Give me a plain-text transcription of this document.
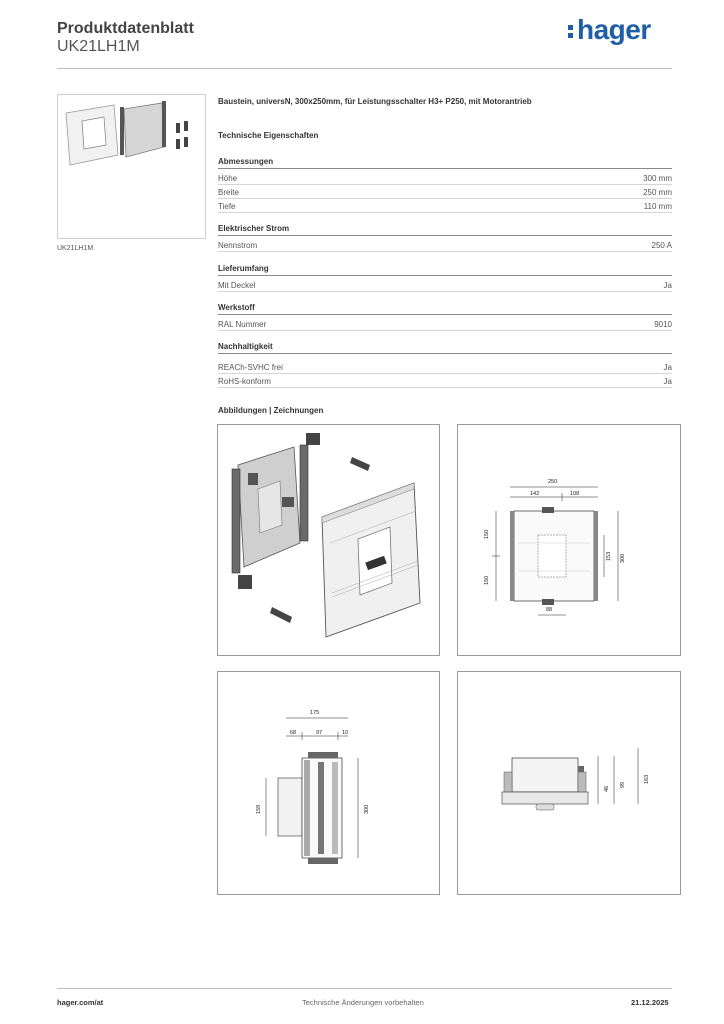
Produktdatenblatt
UK21LH1M
hager
UK21LH1M
Baustein, universN, 300x250mm, für Leistungsschalter H3+ P250, mit Motorantrieb
Technische Eigenschaften
Abmessungen
Höhe	300 mm
Breite	250 mm
Tiefe	110 mm
Elektrischer Strom
Nennstrom	250 A
Lieferumfang
Mit Deckel	Ja
Werkstoff
RAL Nummer	9010
Nachhaltigkeit
REACh-SVHC frei	Ja
RoHS-konform	Ja
Abbildungen | Zeichnungen
250
142	108
150
150
153 300
88
175
68	97	10
159	300
46
99
163
hager.com/at	Technische Änderungen vorbehalten	21.12.2025
